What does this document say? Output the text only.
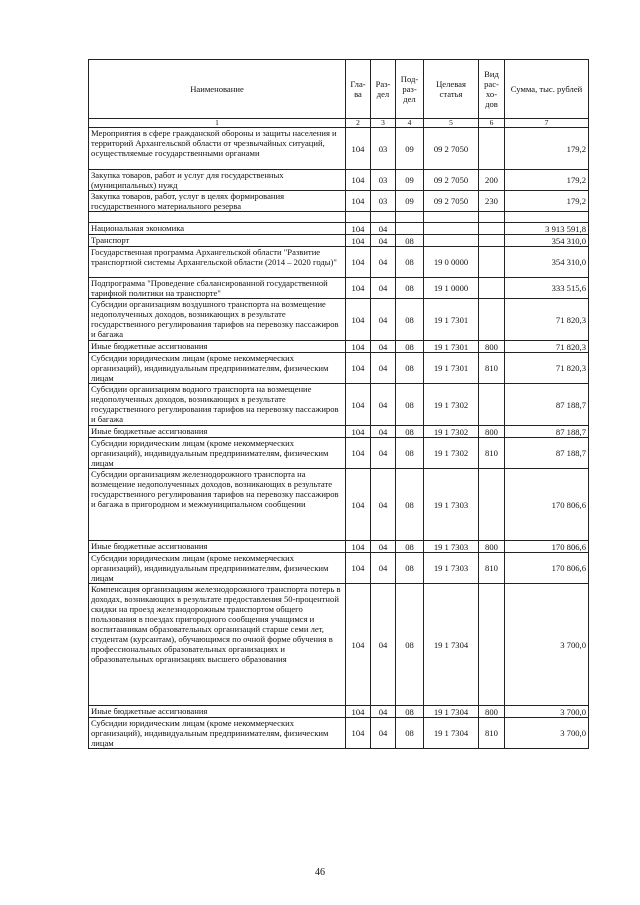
Наименование	Гла-ва	Раз-дел	Под-раз-дел	Целевая статья	Вид рас-хо-дов	Сумма, тыс. рублей
1	2	3	4	5	6	7
Мероприятия в сфере гражданской обороны и защиты населения и территорий Архангельской области от чрезвычайных ситуаций, осуществляемые государственными органами	104	03	09	09 2 7050		179,2
Закупка товаров, работ и услуг для государственных (муниципальных) нужд	104	03	09	09 2 7050	200	179,2
Закупка товаров, работ, услуг в целях формирования государственного материального резерва	104	03	09	09 2 7050	230	179,2

Национальная экономика	104	04				3 913 591,8
Транспорт	104	04	08			354 310,0
Государственная программа Архангельской области "Развитие транспортной системы Архангельской области (2014 – 2020 годы)"	104	04	08	19 0 0000		354 310,0
Подпрограмма "Проведение сбалансированной государственной тарифной политики на транспорте"	104	04	08	19 1 0000		333 515,6
Субсидии организациям воздушного транспорта на возмещение недополученных доходов, возникающих в результате государственного регулирования тарифов на перевозку пассажиров и багажа	104	04	08	19 1 7301		71 820,3
Иные бюджетные ассигнования	104	04	08	19 1 7301	800	71 820,3
Субсидии юридическим лицам (кроме некоммерческих организаций), индивидуальным предпринимателям, физическим лицам	104	04	08	19 1 7301	810	71 820,3
Субсидии организациям водного транспорта на возмещение недополученных доходов, возникающих в результате государственного регулирования тарифов на перевозку пассажиров и багажа	104	04	08	19 1 7302		87 188,7
Иные бюджетные ассигнования	104	04	08	19 1 7302	800	87 188,7
Субсидии юридическим лицам (кроме некоммерческих организаций), индивидуальным предпринимателям, физическим лицам	104	04	08	19 1 7302	810	87 188,7
Субсидии организациям железнодорожного транспорта на возмещение недополученных доходов, возникающих в результате государственного регулирования тарифов на перевозку пассажиров и багажа в пригородном и межмуниципальном сообщении	104	04	08	19 1 7303		170 806,6
Иные бюджетные ассигнования	104	04	08	19 1 7303	800	170 806,6
Субсидии юридическим лицам (кроме некоммерческих организаций), индивидуальным предпринимателям, физическим лицам	104	04	08	19 1 7303	810	170 806,6
Компенсация организациям железнодорожного транспорта потерь в доходах, возникающих в результате предоставления 50-процентной скидки на проезд железнодорожным транспортом общего пользования в поездах пригородного сообщения учащимся и воспитанникам образовательных организаций старше семи лет, студентам (курсантам), обучающимся по очной форме обучения в профессиональных образовательных организациях и образовательных организациях высшего образования	104	04	08	19 1 7304		3 700,0
Иные бюджетные ассигнования	104	04	08	19 1 7304	800	3 700,0
Субсидии юридическим лицам (кроме некоммерческих организаций), индивидуальным предпринимателям, физическим лицам	104	04	08	19 1 7304	810	3 700,0
46
